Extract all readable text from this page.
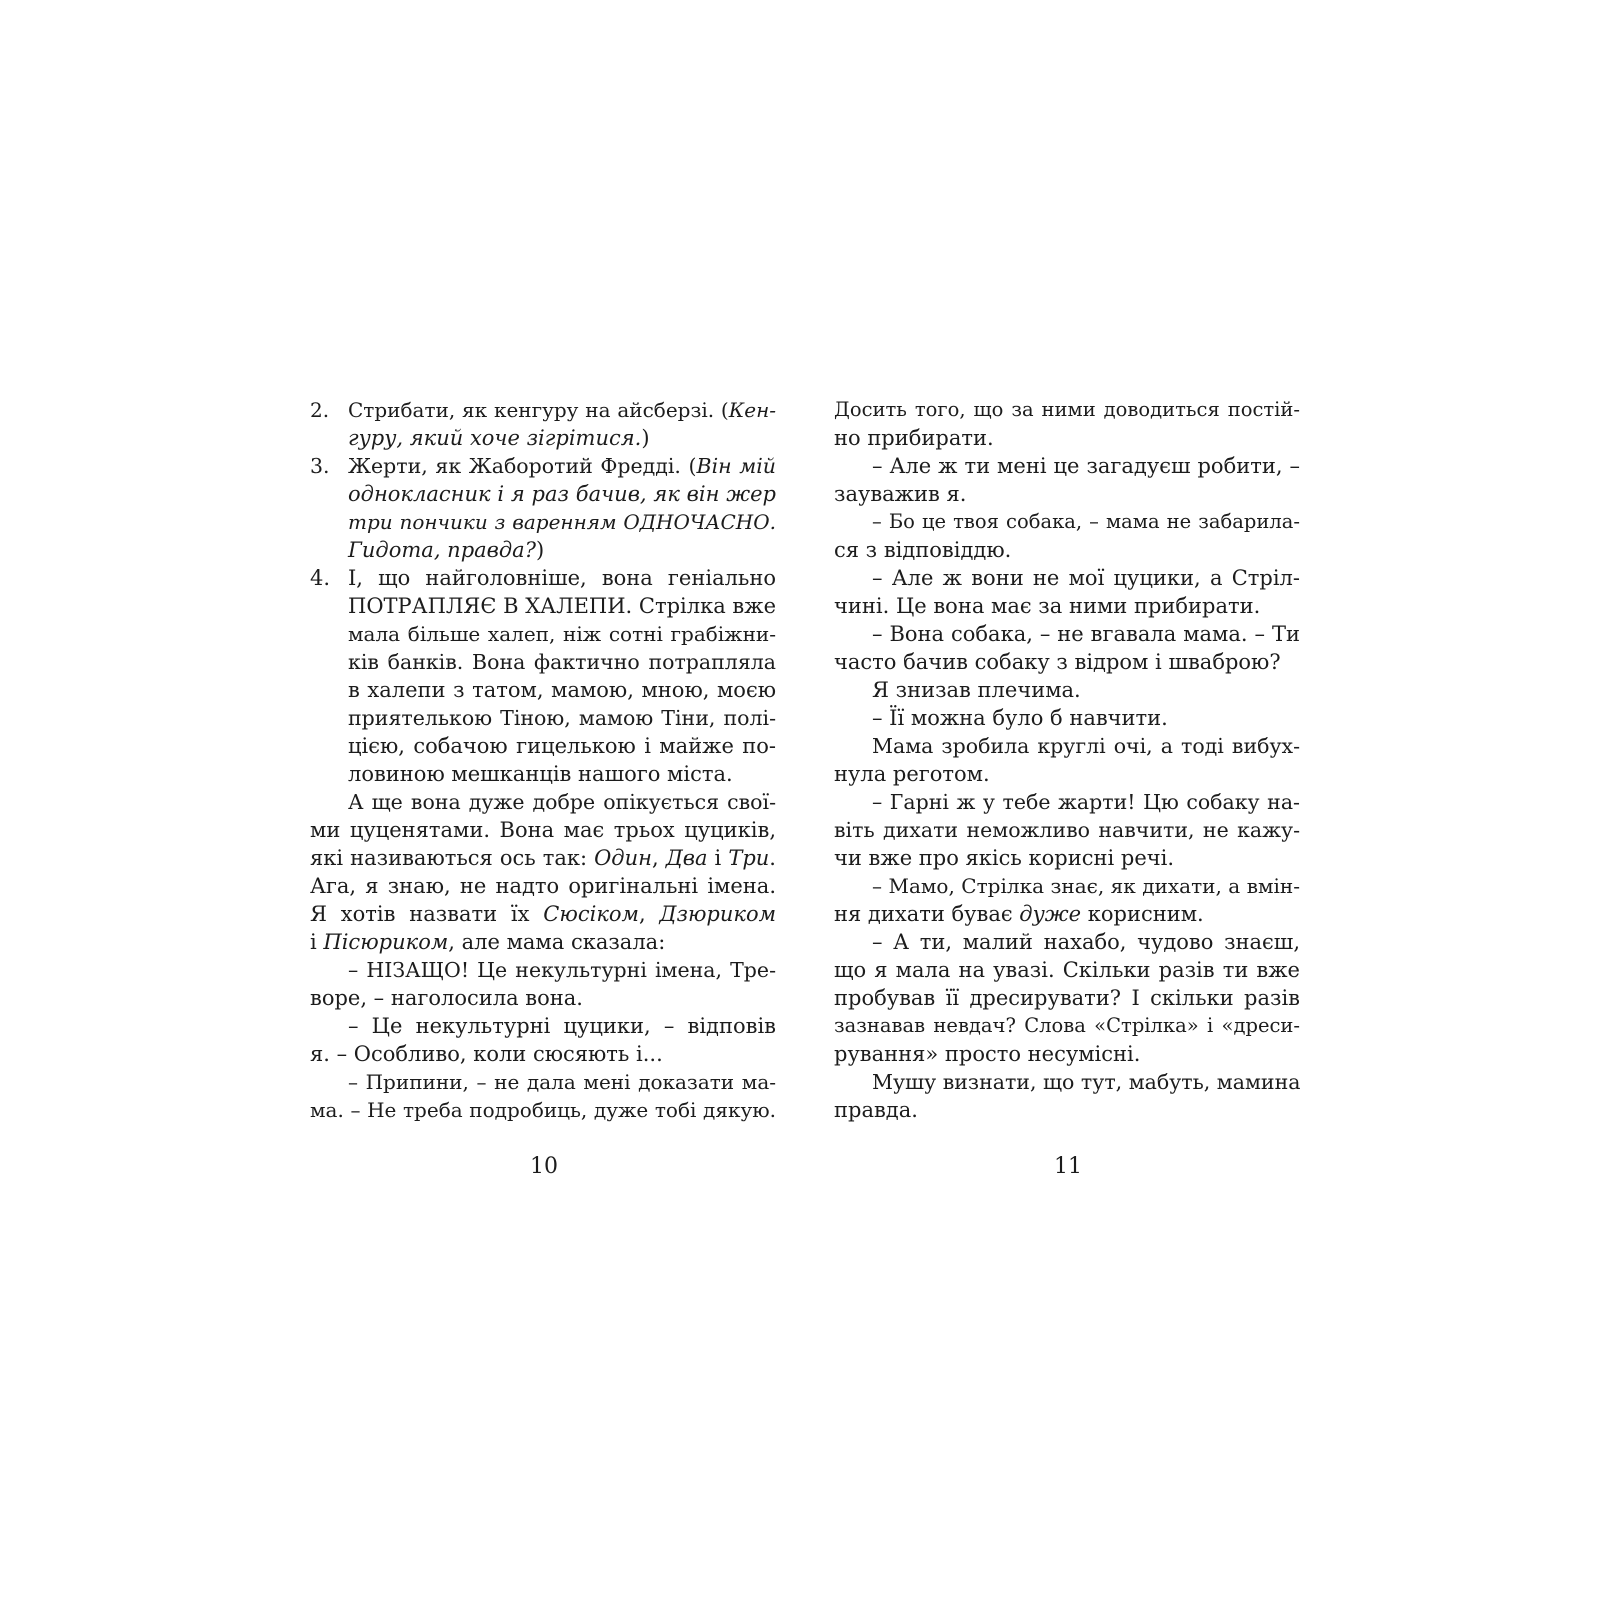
2. Стрибати, як кенгуру на айсберзі. (Кен-
гуру, який хоче зігрітися.)
3. Жерти, як Жаборотий Фредді. (Він мій
однокласник і я раз бачив, як він жер
три пончики з варенням ОДНОЧАСНО.
Гидота, правда?)
4. І, що найголовніше, вона геніально
ПОТРАПЛЯЄ В ХАЛЕПИ. Стрілка вже
мала більше халеп, ніж сотні грабіжни-
ків банків. Вона фактично потрапляла
в халепи з татом, мамою, мною, моєю
приятелькою Тіною, мамою Тіни, полі-
цією, собачою гицелькою і майже по-
ловиною мешканців нашого міста.
А ще вона дуже добре опікується свої-
ми цуценятами. Вона має трьох цуциків,
які називаються ось так: Один, Два і Три.
Ага, я знаю, не надто оригінальні імена.
Я хотів назвати їх Сюсіком, Дзюриком
і Пісюриком, але мама сказала:
– НІЗАЩО! Це некультурні імена, Тре-
воре, – наголосила вона.
– Це некультурні цуцики, – відповів
я. – Особливо, коли сюсяють і...
– Припини, – не дала мені доказати ма-
ма. – Не треба подробиць, дуже тобі дякую.
Досить того, що за ними доводиться постій-
но прибирати.
– Але ж ти мені це загадуєш робити, –
зауважив я.
– Бо це твоя собака, – мама не забарила-
ся з відповіддю.
– Але ж вони не мої цуцики, а Стріл-
чині. Це вона має за ними прибирати.
– Вона собака, – не вгавала мама. – Ти
часто бачив собаку з відром і шваброю?
Я знизав плечима.
– Її можна було б навчити.
Мама зробила круглі очі, а тоді вибух-
нула реготом.
– Гарні ж у тебе жарти! Цю собаку на-
віть дихати неможливо навчити, не кажу-
чи вже про якісь корисні речі.
– Мамо, Стрілка знає, як дихати, а вмін-
ня дихати буває дуже корисним.
– А ти, малий нахабо, чудово знаєш,
що я мала на увазі. Скільки разів ти вже
пробував її дресирувати? І скільки разів
зазнавав невдач? Слова «Стрілка» і «дреси-
рування» просто несумісні.
Мушу визнати, що тут, мабуть, мамина
правда.
10	11
